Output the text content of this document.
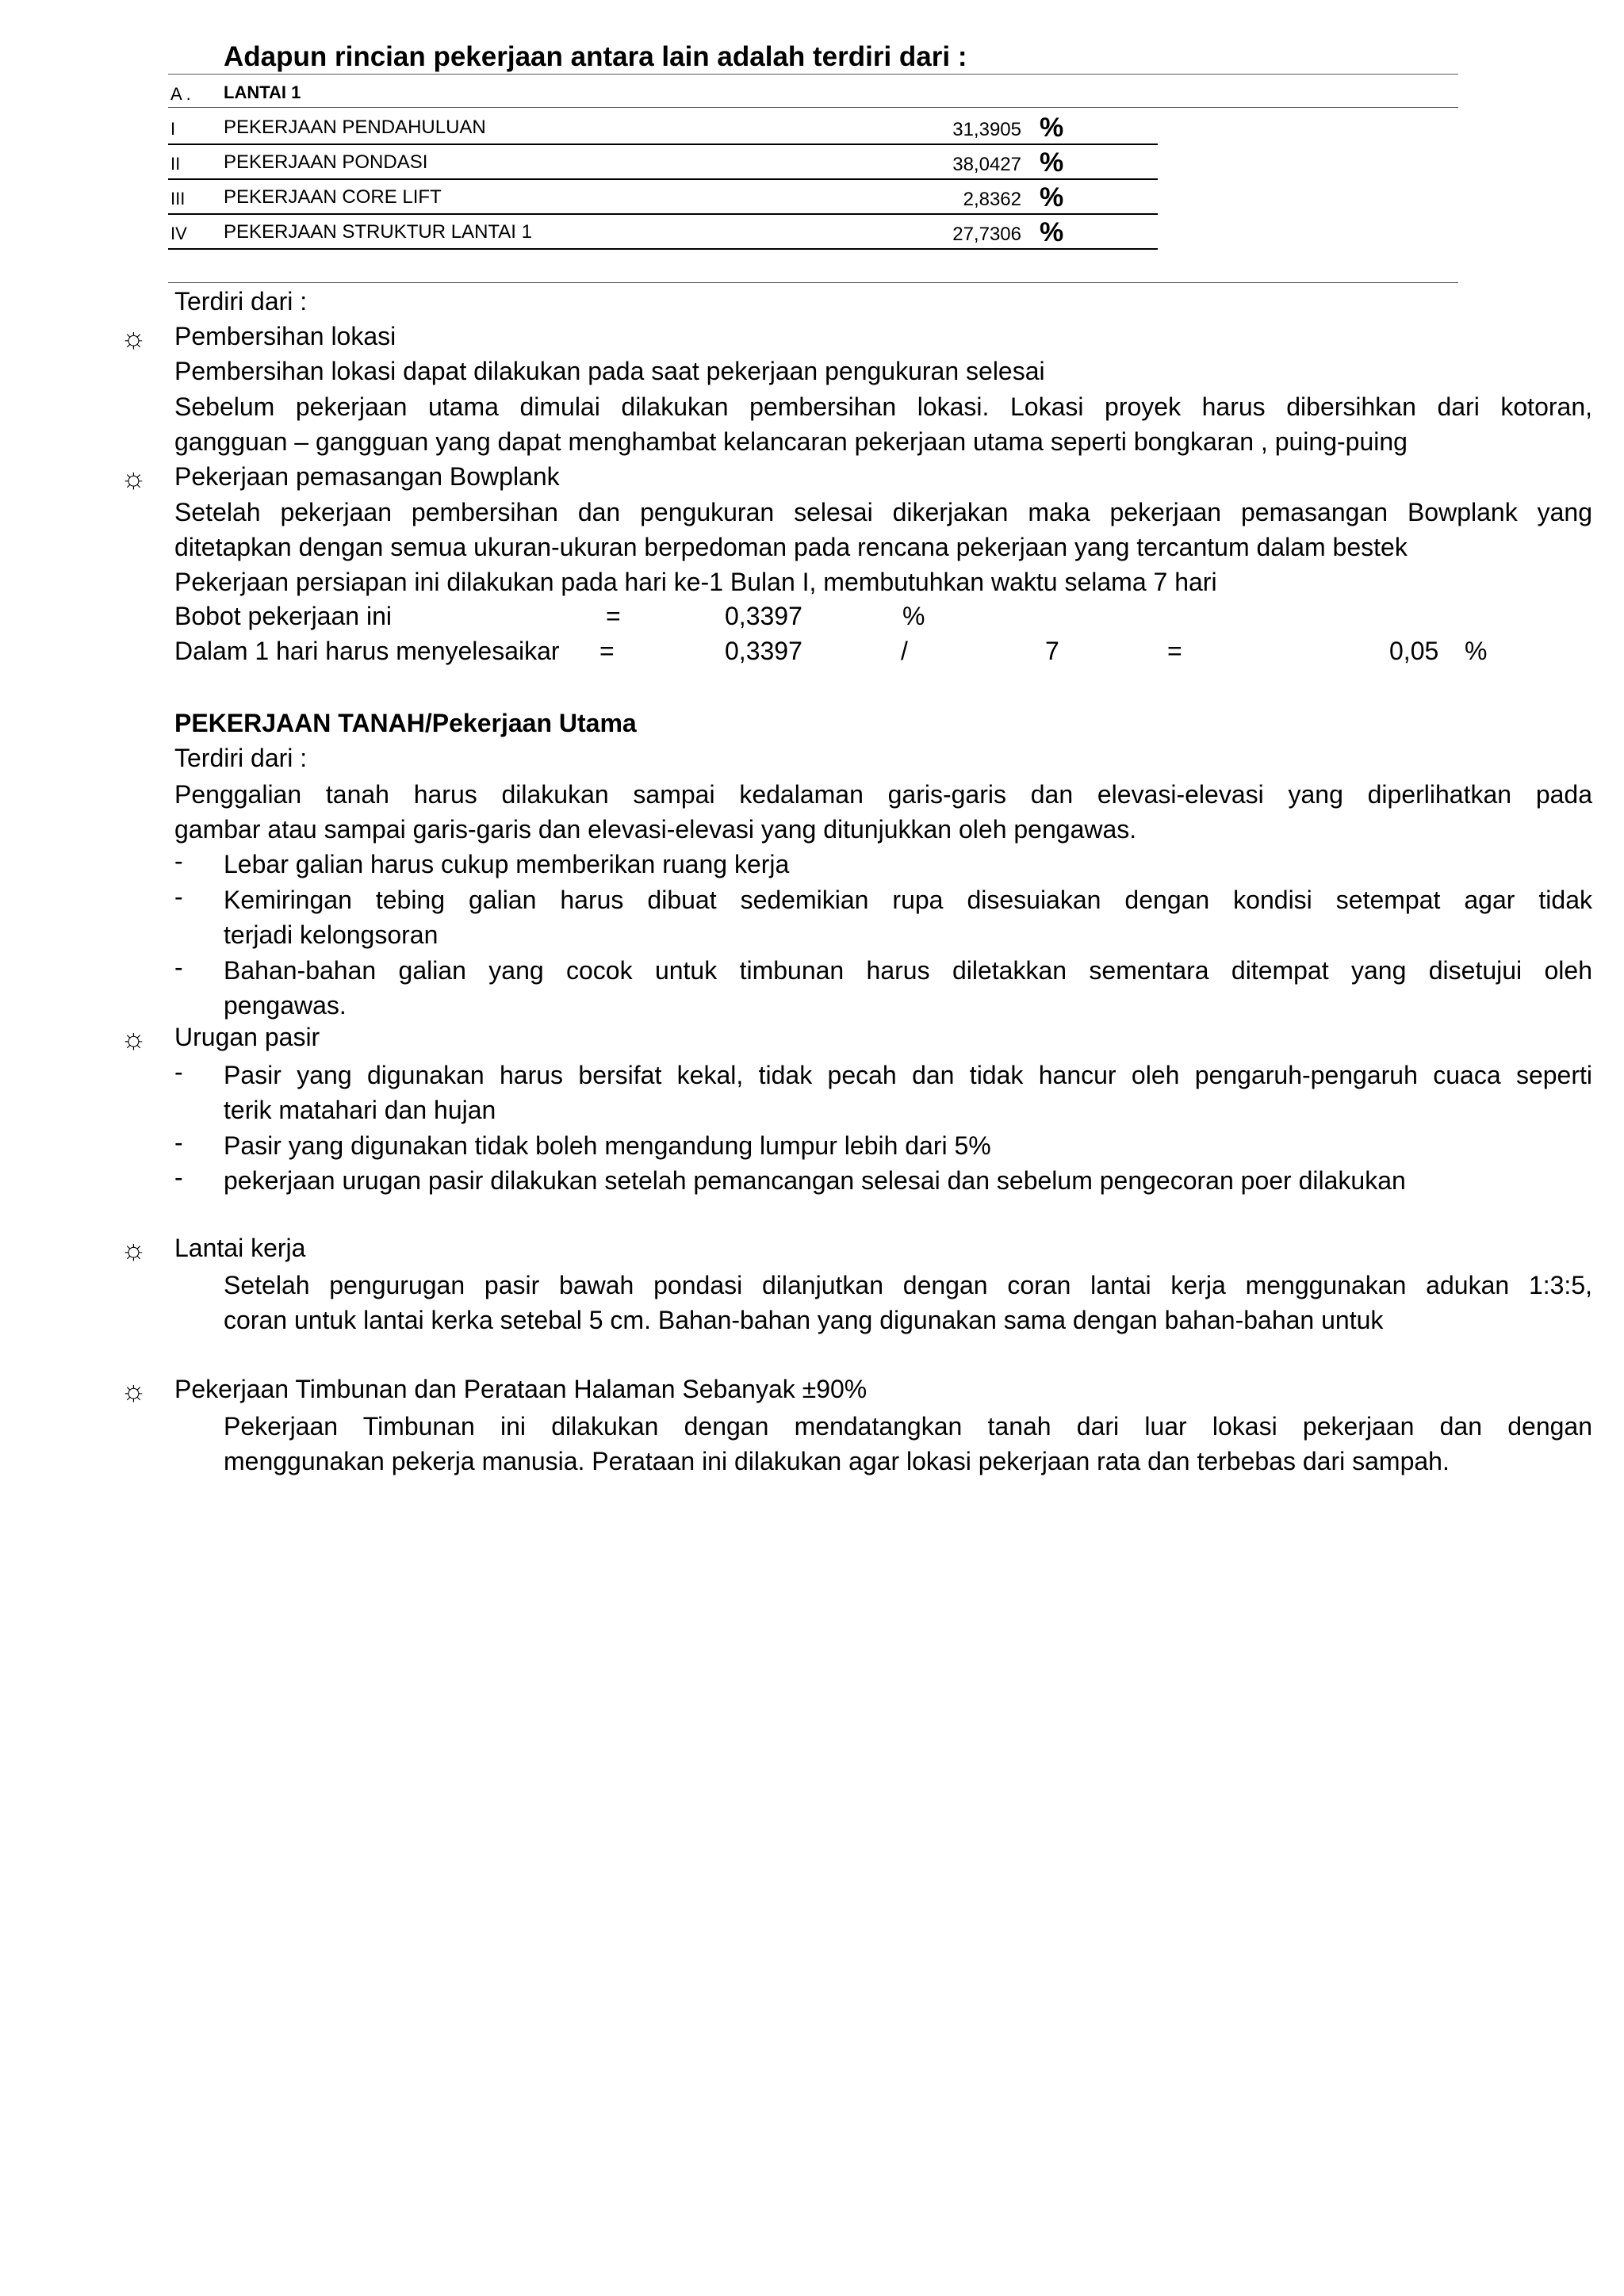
Adapun rincian pekerjaan antara lain adalah terdiri dari :
A . LANTAI 1
I	PEKERJAAN PENDAHULUAN	31,3905 %
II PEKERJAAN PONDASI	38,0427 %
III PEKERJAAN CORE LIFT	2,8362 %
IV PEKERJAAN STRUKTUR LANTAI 1	27,7306 %
Terdiri dari :
☼ Pembersihan lokasi
Pembersihan lokasi dapat dilakukan pada saat pekerjaan pengukuran selesai
Sebelum pekerjaan utama dimulai dilakukan pembersihan lokasi. Lokasi proyek harus dibersihkan dari kotoran,
gangguan – gangguan yang dapat menghambat kelancaran pekerjaan utama seperti bongkaran , puing-puing
☼ Pekerjaan pemasangan Bowplank
Setelah pekerjaan pembersihan dan pengukuran selesai dikerjakan maka pekerjaan pemasangan Bowplank yang
ditetapkan dengan semua ukuran-ukuran berpedoman pada rencana pekerjaan yang tercantum dalam bestek
Pekerjaan persiapan ini dilakukan pada hari ke-1 Bulan I, membutuhkan waktu selama 7 hari
Bobot pekerjaan ini	=	0,3397	%
Dalam 1 hari harus menyelesaikar	=	0,3397	/	7	=	0,05 %
PEKERJAAN TANAH/Pekerjaan Utama
Terdiri dari :
Penggalian tanah harus dilakukan sampai kedalaman garis-garis dan elevasi-elevasi yang diperlihatkan pada
gambar atau sampai garis-garis dan elevasi-elevasi yang ditunjukkan oleh pengawas.
- Lebar galian harus cukup memberikan ruang kerja
- Kemiringan tebing galian harus dibuat sedemikian rupa disesuiakan dengan kondisi setempat agar tidak
terjadi kelongsoran
- Bahan-bahan galian yang cocok untuk timbunan harus diletakkan sementara ditempat yang disetujui oleh
pengawas.
☼ Urugan pasir
- Pasir yang digunakan harus bersifat kekal, tidak pecah dan tidak hancur oleh pengaruh-pengaruh cuaca seperti
terik matahari dan hujan
- Pasir yang digunakan tidak boleh mengandung lumpur lebih dari 5%
- pekerjaan urugan pasir dilakukan setelah pemancangan selesai dan sebelum pengecoran poer dilakukan
☼ Lantai kerja
Setelah pengurugan pasir bawah pondasi dilanjutkan dengan coran lantai kerja menggunakan adukan 1:3:5,
coran untuk lantai kerka setebal 5 cm. Bahan-bahan yang digunakan sama dengan bahan-bahan untuk
☼ Pekerjaan Timbunan dan Perataan Halaman Sebanyak ±90%
Pekerjaan Timbunan ini dilakukan dengan mendatangkan tanah dari luar lokasi pekerjaan dan dengan
menggunakan pekerja manusia. Perataan ini dilakukan agar lokasi pekerjaan rata dan terbebas dari sampah.
